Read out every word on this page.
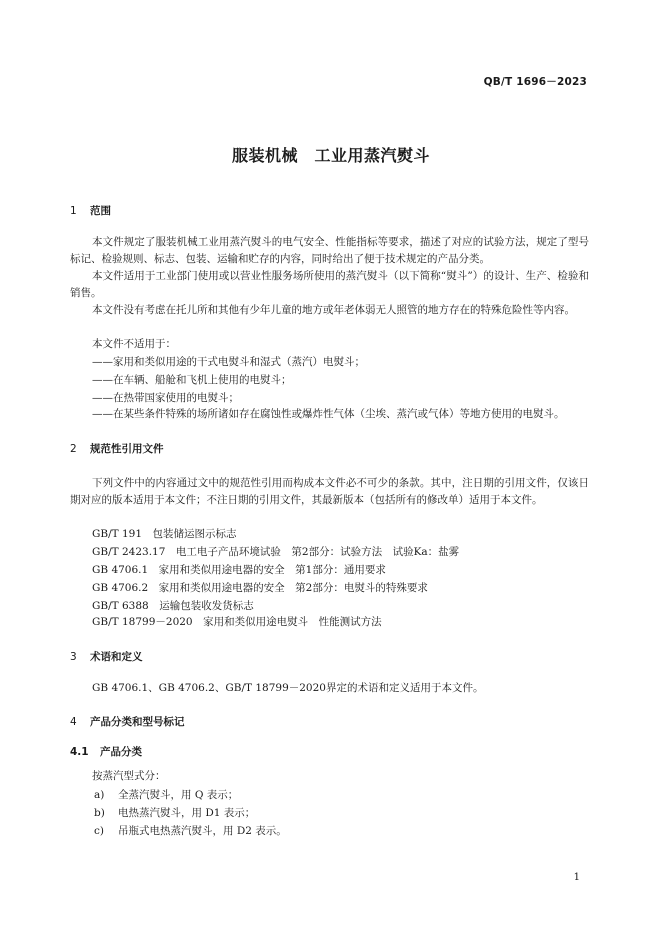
QB/T 1696－2023
服装机械　工业用蒸汽熨斗
1 范围
本文件规定了服装机械工业用蒸汽熨斗的电气安全、性能指标等要求，描述了对应的试验方法，规定了型号标记、检验规则、标志、包装、运输和贮存的内容，同时给出了便于技术规定的产品分类。
本文件适用于工业部门使用或以营业性服务场所使用的蒸汽熨斗（以下简称“熨斗”）的设计、生产、检验和销售。
本文件没有考虑在托儿所和其他有少年儿童的地方或年老体弱无人照管的地方存在的特殊危险性等内容。
本文件不适用于：
——家用和类似用途的干式电熨斗和湿式（蒸汽）电熨斗；
——在车辆、船舱和飞机上使用的电熨斗；
——在热带国家使用的电熨斗；
——在某些条件特殊的场所诸如存在腐蚀性或爆炸性气体（尘埃、蒸汽或气体）等地方使用的电熨斗。
2 规范性引用文件
下列文件中的内容通过文中的规范性引用而构成本文件必不可少的条款。其中，注日期的引用文件，仅该日期对应的版本适用于本文件；不注日期的引用文件，其最新版本（包括所有的修改单）适用于本文件。
GB/T 191　包装储运图示标志
GB/T 2423.17　电工电子产品环境试验　第2部分：试验方法　试验Ka：盐雾
GB 4706.1　家用和类似用途电器的安全　第1部分：通用要求
GB 4706.2　家用和类似用途电器的安全　第2部分：电熨斗的特殊要求
GB/T 6388　运输包装收发货标志
GB/T 18799－2020　家用和类似用途电熨斗　性能测试方法
3 术语和定义
GB 4706.1、GB 4706.2、GB/T 18799－2020界定的术语和定义适用于本文件。
4 产品分类和型号标记
4.1 产品分类
按蒸汽型式分：
a) 全蒸汽熨斗，用 Q 表示；
b) 电热蒸汽熨斗，用 D1 表示；
c) 吊瓶式电热蒸汽熨斗，用 D2 表示。
1
